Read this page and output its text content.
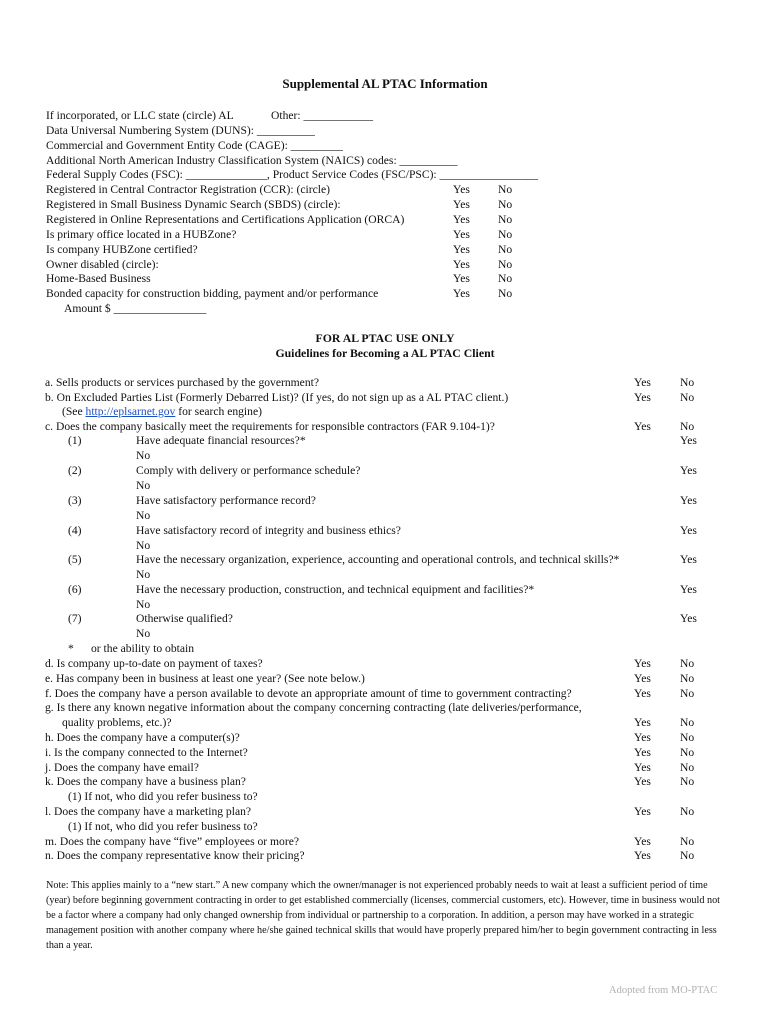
Supplemental AL PTAC Information
If incorporated, or LLC state (circle) AL	Other: ____________
Data Universal Numbering System (DUNS): __________
Commercial and Government Entity Code (CAGE): _________
Additional North American Industry Classification System (NAICS) codes: __________
Federal Supply Codes (FSC): ______________, Product Service Codes (FSC/PSC): _________________
Registered in Central Contractor Registration (CCR): (circle)	Yes No
Registered in Small Business Dynamic Search (SBDS) (circle):	Yes No
Registered in Online Representations and Certifications Application (ORCA)	Yes No
Is primary office located in a HUBZone?	Yes No
Is company HUBZone certified?	Yes No
Owner disabled (circle):	Yes No
Home-Based Business	Yes No
Bonded capacity for construction bidding, payment and/or performance	Yes No
Amount $ ________________
FOR AL PTAC USE ONLY
Guidelines for Becoming a AL PTAC Client
a. Sells products or services purchased by the government?	Yes	No
b. On Excluded Parties List (Formerly Debarred List)? (If yes, do not sign up as a AL PTAC client.)	Yes	No
(See http://eplsarnet.gov for search engine)
c. Does the company basically meet the requirements for responsible contractors (FAR 9.104-1)?	Yes	No
(1)	Have adequate financial resources?*	Yes
No
(2)	Comply with delivery or performance schedule?	Yes
No
(3)	Have satisfactory performance record?	Yes
No
(4)	Have satisfactory record of integrity and business ethics?	Yes
No
(5)	Have the necessary organization, experience, accounting and operational controls, and technical skills?*	Yes
No
(6)	Have the necessary production, construction, and technical equipment and facilities?*	Yes
No
(7)	Otherwise qualified?	Yes
No
* or the ability to obtain
d. Is company up-to-date on payment of taxes?	Yes	No
e. Has company been in business at least one year? (See note below.)	Yes	No
f. Does the company have a person available to devote an appropriate amount of time to government contracting?	Yes	No
g. Is there any known negative information about the company concerning contracting (late deliveries/performance,
quality problems, etc.)?	Yes	No
h. Does the company have a computer(s)?	Yes	No
i. Is the company connected to the Internet?	Yes	No
j. Does the company have email?	Yes	No
k. Does the company have a business plan?	Yes	No
(1) If not, who did you refer business to?
l. Does the company have a marketing plan?	Yes	No
(1) If not, who did you refer business to?
m. Does the company have “five” employees or more?	Yes	No
n. Does the company representative know their pricing?	Yes	No
Note: This applies mainly to a “new start.” A new company which the owner/manager is not experienced probably needs to wait at least a sufficient period of time (year) before beginning government contracting in order to get established commercially (licenses, commercial customers, etc). However, time in business would not be a factor where a company had only changed ownership from individual or partnership to a corporation. In addition, a person may have worked in a strategic management position with another company where he/she gained technical skills that would have properly prepared him/her to begin government contracting in less than a year.
Adopted from MO-PTAC
